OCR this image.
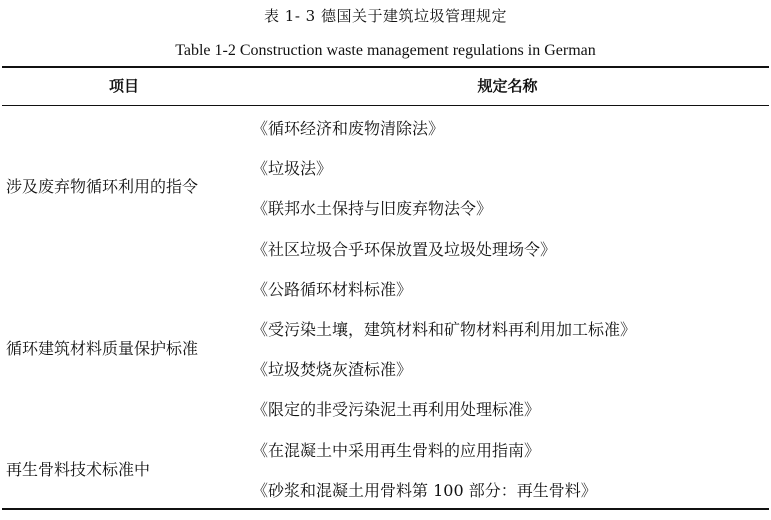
表 1- 3 德国关于建筑垃圾管理规定
Table 1-2 Construction waste management regulations in German
项目	规定名称
涉及废弃物循环利用的指令
循环建筑材料质量保护标准
再生骨料技术标准中
《循环经济和废物清除法》
《垃圾法》
《联邦水土保持与旧废弃物法令》
《社区垃圾合乎环保放置及垃圾处理场令》
《公路循环材料标准》
《受污染土壤，建筑材料和矿物材料再利用加工标准》
《垃圾焚烧灰渣标准》
《限定的非受污染泥土再利用处理标准》
《在混凝土中采用再生骨料的应用指南》
《砂浆和混凝土用骨料第 100 部分：再生骨料》
